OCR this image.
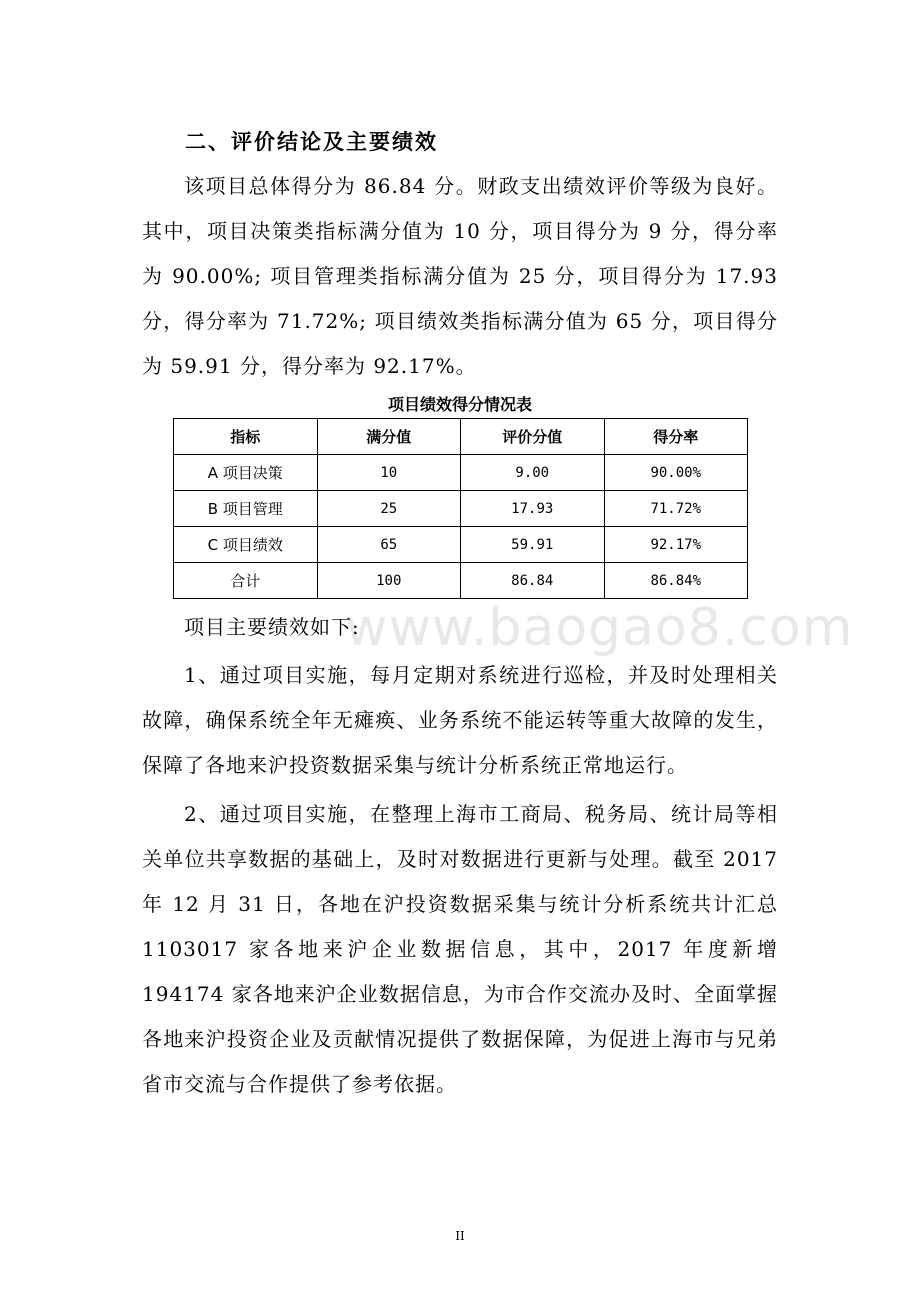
二、评价结论及主要绩效

该项目总体得分为 86.84 分。财政支出绩效评价等级为良好。其中，项目决策类指标满分值为 10 分，项目得分为 9 分，得分率为 90.00%; 项目管理类指标满分值为 25 分，项目得分为 17.93 分，得分率为 71.72%; 项目绩效类指标满分值为 65 分，项目得分为 59.91 分，得分率为 92.17%。

项目绩效得分情况表
指标	满分值	评价分值	得分率
A 项目决策	10	9.00	90.00%
B 项目管理	25	17.93	71.72%
C 项目绩效	65	59.91	92.17%
合计	100	86.84	86.84%
www.baogao8.com

项目主要绩效如下:

1、通过项目实施，每月定期对系统进行巡检，并及时处理相关故障，确保系统全年无瘫痪、业务系统不能运转等重大故障的发生，保障了各地来沪投资数据采集与统计分析系统正常地运行。

2、通过项目实施，在整理上海市工商局、税务局、统计局等相关单位共享数据的基础上，及时对数据进行更新与处理。截至 2017 年 12 月 31 日，各地在沪投资数据采集与统计分析系统共计汇总 1103017 家各地来沪企业数据信息，其中，2017 年度新增 194174 家各地来沪企业数据信息，为市合作交流办及时、全面掌握各地来沪投资企业及贡献情况提供了数据保障，为促进上海市与兄弟省市交流与合作提供了参考依据。

II
